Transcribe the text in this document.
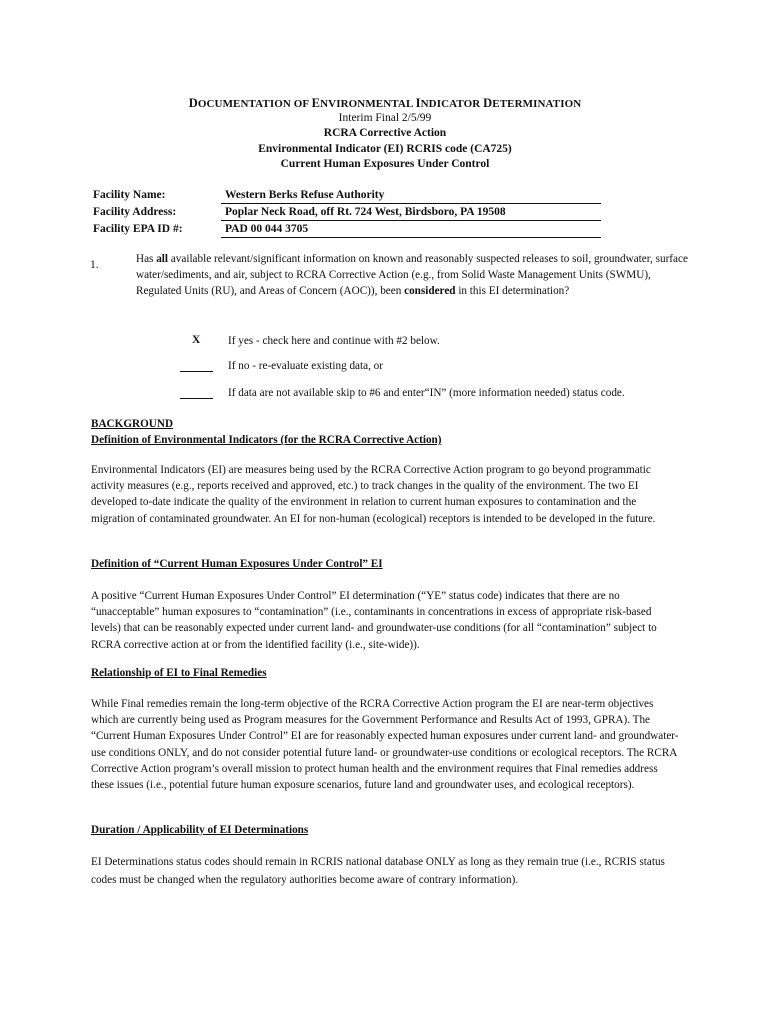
DOCUMENTATION OF ENVIRONMENTAL INDICATOR DETERMINATION
Interim Final 2/5/99
RCRA Corrective Action
Environmental Indicator (EI) RCRIS code (CA725)
Current Human Exposures Under Control
Facility Name:	Western Berks Refuse Authority
Facility Address:	Poplar Neck Road, off Rt. 724 West, Birdsboro, PA 19508
Facility EPA ID #:	PAD 00 044 3705
1.	Has all available relevant/significant information on known and reasonably suspected releases to soil, groundwater, surface water/sediments, and air, subject to RCRA Corrective Action (e.g., from Solid Waste Management Units (SWMU), Regulated Units (RU), and Areas of Concern (AOC)), been considered in this EI determination?
X If yes - check here and continue with #2 below.
If no - re-evaluate existing data, or
If data are not available skip to #6 and enter“IN” (more information needed) status code.
BACKGROUND
Definition of Environmental Indicators (for the RCRA Corrective Action)
Environmental Indicators (EI) are measures being used by the RCRA Corrective Action program to go beyond programmatic activity measures (e.g., reports received and approved, etc.) to track changes in the quality of the environment. The two EI developed to-date indicate the quality of the environment in relation to current human exposures to contamination and the migration of contaminated groundwater. An EI for non-human (ecological) receptors is intended to be developed in the future.
Definition of “Current Human Exposures Under Control” EI
A positive “Current Human Exposures Under Control” EI determination (“YE” status code) indicates that there are no “unacceptable” human exposures to “contamination” (i.e., contaminants in concentrations in excess of appropriate risk-based levels) that can be reasonably expected under current land- and groundwater-use conditions (for all “contamination” subject to RCRA corrective action at or from the identified facility (i.e., site-wide)).
Relationship of EI to Final Remedies
While Final remedies remain the long-term objective of the RCRA Corrective Action program the EI are near-term objectives which are currently being used as Program measures for the Government Performance and Results Act of 1993, GPRA). The “Current Human Exposures Under Control” EI are for reasonably expected human exposures under current land- and groundwater-use conditions ONLY, and do not consider potential future land- or groundwater-use conditions or ecological receptors. The RCRA Corrective Action program’s overall mission to protect human health and the environment requires that Final remedies address these issues (i.e., potential future human exposure scenarios, future land and groundwater uses, and ecological receptors).
Duration / Applicability of EI Determinations
EI Determinations status codes should remain in RCRIS national database ONLY as long as they remain true (i.e., RCRIS status codes must be changed when the regulatory authorities become aware of contrary information).
